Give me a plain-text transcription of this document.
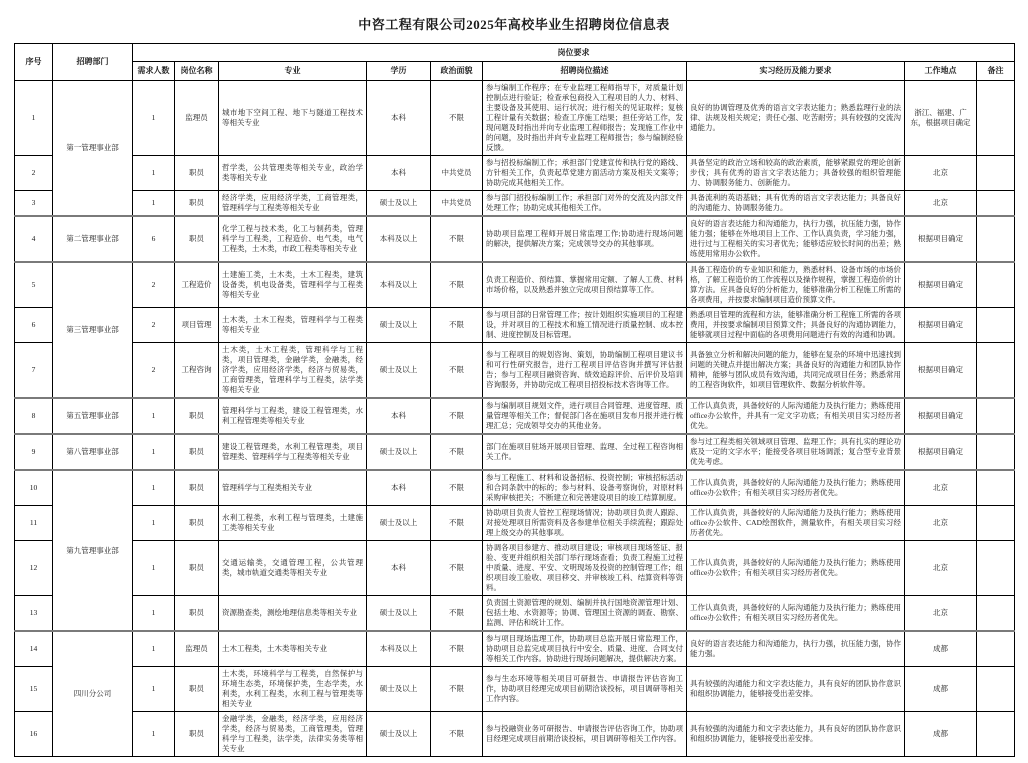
中咨工程有限公司2025年高校毕业生招聘岗位信息表
序号	招聘部门	岗位要求								
		需求人数	岗位名称	专业	学历	政治面貌	招聘岗位描述	实习经历及能力要求	工作地点	备注
1	第一管理事业部	1	监理员	城市地下空间工程、地下与隧道工程技术等相关专业	本科	不限	参与编制工作程序；在专业监理工程师指导下，对质量计划控制点进行验证；检查承包商投入工程项目的人力、材料、主要设备及其使用、运行状况；进行相关的见证取样；复核工程计量有关数据；检查工序施工结果；担任旁站工作，发现问题及时指出并向专业监理工程师报告；发现施工作业中的问题，及时指出并向专业监理工程师报告；参与编制经验反馈。	良好的协调管理及优秀的语言文字表达能力；熟悉监理行业的法律、法规及相关规定；责任心强、吃苦耐劳；具有较强的交流沟通能力。	浙江、福建、广东，根据项目确定	
2		1	职员	哲学类，公共管理类等相关专业，政治学类等相关专业	本科	中共党员	参与招投标编制工作；承担部门党建宣传和执行党的路线、方针相关工作，负责起草党建方面活动方案及相关文案等；协助完成其他相关工作。	具备坚定的政治立场和较高的政治素质，能够紧跟党的理论创新步伐；具有优秀的语言文字表达能力；具备较强的组织管理能力、协调服务能力、创新能力。	北京	
3		1	职员	经济学类，应用经济学类，工商管理类，管理科学与工程类等相关专业	硕士及以上	中共党员	参与部门招投标编制工作；承担部门对外的交流及内部文件处理工作；协助完成其他相关工作。	具备流利的英语基础；具有优秀的语言文字表达能力；具备良好的沟通能力、协调服务能力。	北京	
4	第二管理事业部	6	职员	化学工程与技术类，化工与制药类，管理科学与工程类，工程造价、电气类，电气工程类，土木类，市政工程类等相关专业	本科及以上	不限	协助项目监理工程师开展日常监理工作;协助进行现场问题的解决，提供解决方案；完成领导交办的其他事项。	良好的语言表达能力和沟通能力，执行力强，抗压能力强，协作能力强；能够在外地项目上工作、工作认真负责，学习能力强，进行过与工程相关的实习者优先；能够适应较长时间的出差；熟练使用常用办公软件。	根据项目确定	
5	第三管理事业部	2	工程造价	土建施工类，土木类，土木工程类，建筑设备类，机电设备类，管理科学与工程类等相关专业	本科及以上	不限	负责工程造价、预结算、掌握常用定额、了解人工费、材料市场价格，以及熟悉并独立完成项目预结算等工作。	具备工程造价的专业知识和能力，熟悉材料、设备市场的市场价格，了解工程造价的工作流程以及操作规程，掌握工程造价的计算方法。应具备良好的分析能力，能够准确分析工程施工所需的各项费用，并按要求编制项目造价预算文件。	根据项目确定	
6		2	项目管理	土木类，土木工程类，管理科学与工程类等相关专业	硕士及以上	不限	参与项目部的日常管理工作；按计划组织实施项目的工程建设，并对项目的工程技术和施工情况进行质量控制、成本控制、进度控制及目标管理。	熟悉项目管理的流程和方法，能够准确分析工程施工所需的各项费用，并按要求编制项目预算文件；具备良好的沟通协调能力，能够就项目过程中面临的各项费用问题进行有效的沟通和协调。	根据项目确定	
7		2	工程咨询	土木类，土木工程类，管理科学与工程类，项目管理类，金融学类，金融类，经济学类，应用经济学类，经济与贸易类，工商管理类，管理科学与工程类，法学类等相关专业	硕士及以上	不限	参与工程项目的规划咨询、策划，协助编制工程项目建议书和可行性研究报告，进行工程项目评估咨询并撰写评估报告；参与工程项目融资咨询、绩效追踪评价、后评价及培训咨询服务，并协助完成工程项目招投标技术咨询等工作。	具备独立分析和解决问题的能力，能够在复杂的环境中迅速找到问题的关键点并提出解决方案；具备良好的沟通能力和团队协作精神，能够与团队成员有效沟通，共同完成项目任务；熟悉常用的工程咨询软件，如项目管理软件、数据分析软件等。	根据项目确定	
8	第五管理事业部	1	职员	管理科学与工程类，建设工程管理类，水利工程管理类等相关专业	本科	不限	参与编制项目规划文件，进行项目合同管理、进度管理、质量管理等相关工作；督促部门各在施项目发布月报并进行梳理汇总；完成领导交办的其他业务。	工作认真负责，具备较好的人际沟通能力及执行能力；熟练使用office办公软件，并具有一定文字功底；有相关项目实习经历者优先。	根据项目确定	
9	第八管理事业部	1	职员	建设工程管理类，水利工程管理类，项目管理类、管理科学与工程类等相关专业	硕士及以上	不限	部门在施项目驻场开展项目管理、监理、全过程工程咨询相关工作。	参与过工程类相关领域项目管理、监理工作；具有扎实的理论功底及一定的文字水平；能接受各项目驻场调派；复合型专业背景优先考虑。	根据项目确定	
10	第九管理事业部	1	职员	管理科学与工程类相关专业	本科	不限	参与工程施工、材料和设备招标、投资控制；审核招标活动和合同条款中的标的；参与材料、设备考察询价，对原材料采购审核把关；不断建立和完善建设项目的竣工结算制度。	工作认真负责，具备较好的人际沟通能力及执行能力；熟练使用office办公软件；有相关项目实习经历者优先。	北京	
11		1	职员	水利工程类，水利工程与管理类，土建施工类等相关专业	硕士及以上	不限	协助项目负责人管控工程现场情况；协助项目负责人跟踪、对接处理项目所需资料及各参建单位相关手续流程；跟踪处理上级交办的其他事项。	工作认真负责，具备较好的人际沟通能力及执行能力；熟练使用office办公软件、CAD绘图软件，测量软件，有相关项目实习经历者优先。	北京	
12		1	职员	交通运输类，交通管理工程，公共管理类，城市轨道交通类等相关专业	本科	不限	协调各项目参建方、推动项目建设；审核项目现场签证、报验、变更并组织相关部门举行现场查看；负责工程施工过程中质量、进度、平安、文明现场及投资的控制管理工作；组织项目竣工验收、项目移交、并审核竣工科、结算资料等资料。	工作认真负责，具备较好的人际沟通能力及执行能力；熟练使用office办公软件；有相关项目实习经历者优先。	北京	
13		1	职员	资源勘查类，测绘地理信息类等相关专业	硕士及以上	不限	负责国土资源管理的规划、编制并执行国地资源管理计划、包括土地、水资源等；协调、管理国土资源的调查、勘察、监测、评估和统计工作。	工作认真负责，具备较好的人际沟通能力及执行能力；熟练使用office办公软件；有相关项目实习经历者优先。	北京	
14	四川分公司	1	监理员	土木工程类，土木类等相关专业	本科及以上	不限	参与项目现场监理工作，协助项目总监开展日常监理工作，协助项目总监完成项目执行中安全、质量、进度、合同支付等相关工作内容。协助进行现场问题解决，提供解决方案。	良好的语言表达能力和沟通能力，执行力强，抗压能力强，协作能力强。	成都	
15		1	职员	土木类，环境科学与工程类，自然保护与环境生态类，环境保护类，生态学类，水利类，水利工程类，水利工程与管理类等相关专业	硕士及以上	不限	参与生态环境等相关项目可研报告、申请报告评估咨询工作，协助项目经理完成项目前期洽谈投标，项目调研等相关工作内容。	具有较强的沟通能力和文字表达能力，具有良好的团队协作意识和组织协调能力，能够接受出差安排。	成都	
16		1	职员	金融学类，金融类，经济学类，应用经济学类，经济与贸易类，工商管理类，管理科学与工程类，法学类，法律实务类等相关专业	硕士及以上	不限	参与投融资业务可研报告、申请报告评估咨询工作，协助项目经理完成项目前期洽谈投标，项目调研等相关工作内容。	具有较强的沟通能力和文字表达能力，具有良好的团队协作意识和组织协调能力，能够接受出差安排。	成都	
